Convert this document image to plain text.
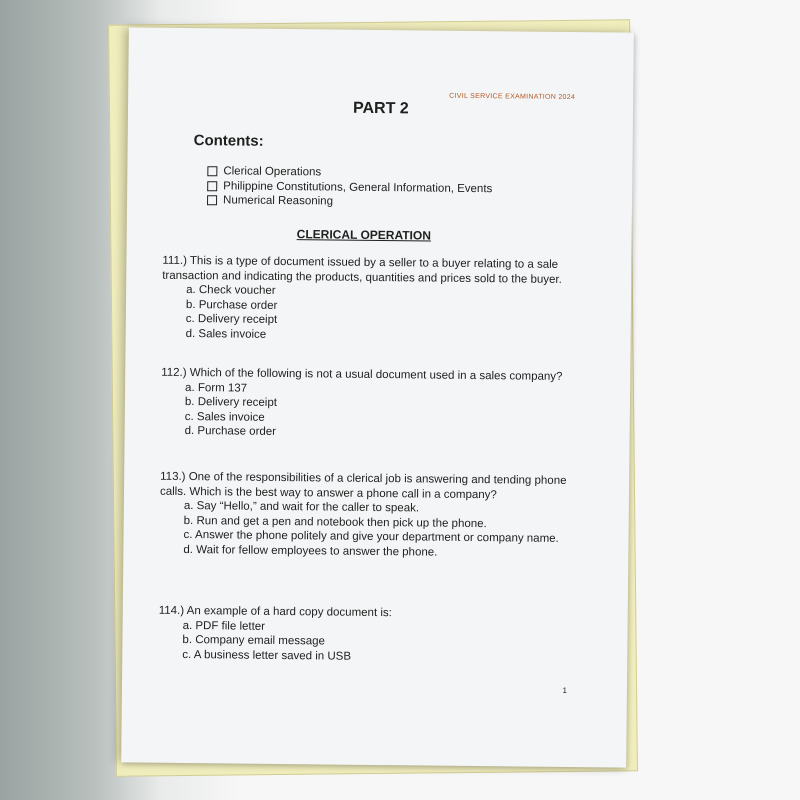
CIVIL SERVICE EXAMINATION 2024
PART 2
Contents:
Clerical Operations
Philippine Constitutions, General Information, Events
Numerical Reasoning
CLERICAL OPERATION

111.) This is a type of document issued by a seller to a buyer relating to a sale transaction and indicating the products, quantities and prices sold to the buyer.

a. Check voucher
b. Purchase order
c. Delivery receipt
d. Sales invoice

112.) Which of the following is not a usual document used in a sales company?

a. Form 137
b. Delivery receipt
c. Sales invoice
d. Purchase order

113.) One of the responsibilities of a clerical job is answering and tending phone calls. Which is the best way to answer a phone call in a company?

a. Say “Hello,” and wait for the caller to speak.
b. Run and get a pen and notebook then pick up the phone.
c. Answer the phone politely and give your department or company name.
d. Wait for fellow employees to answer the phone.

114.) An example of a hard copy document is:

a. PDF file letter
b. Company email message
c. A business letter saved in USB
1
